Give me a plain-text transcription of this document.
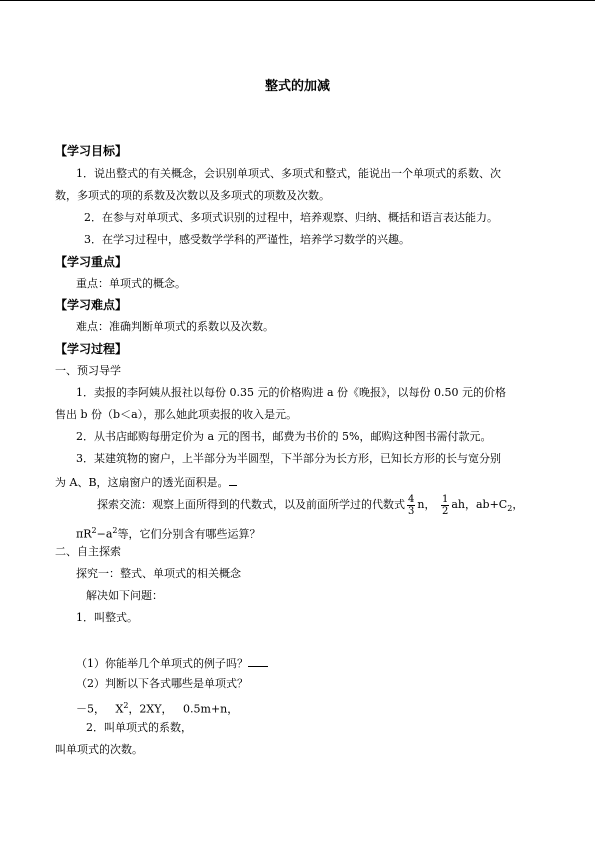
整式的加减
【学习目标】
1．说出整式的有关概念，会识别单项式、多项式和整式，能说出一个单项式的系数、次
数，多项式的项的系数及次数以及多项式的项数及次数。
2．在参与对单项式、多项式识别的过程中，培养观察、归纳、概括和语言表达能力。
3．在学习过程中，感受数学学科的严谨性，培养学习数学的兴趣。
【学习重点】
重点：单项式的概念。
【学习难点】
难点：准确判断单项式的系数以及次数。
【学习过程】
一、预习导学
1．卖报的李阿姨从报社以每份 0.35 元的价格购进 a 份《晚报》，以每份 0.50 元的价格
售出 b 份（b＜a），那么她此项卖报的收入是元。
2．从书店邮购每册定价为 a 元的图书，邮费为书价的 5%，邮购这种图书需付款元。
3．某建筑物的窗户，上半部分为半圆型，下半部分为长方形，已知长方形的长与宽分别
为 A、B，这扇窗户的透光面积是。
探索交流：观察上面所得到的代数式，以及前面所学过的代数式 $\frac{4}{3}$ n， $\frac{1}{2}$ ah，$ab+C_2$，
$\pi R^2-a^2$等，它们分别含有哪些运算？
二、自主探索
探究一：整式、单项式的相关概念
解决如下问题：
1．叫整式。
（1）你能举几个单项式的例子吗？
（2）判断以下各式哪些是单项式？
－5， $X^2$，2XY， 0.5m+n，
2．叫单项式的系数，
叫单项式的次数。
